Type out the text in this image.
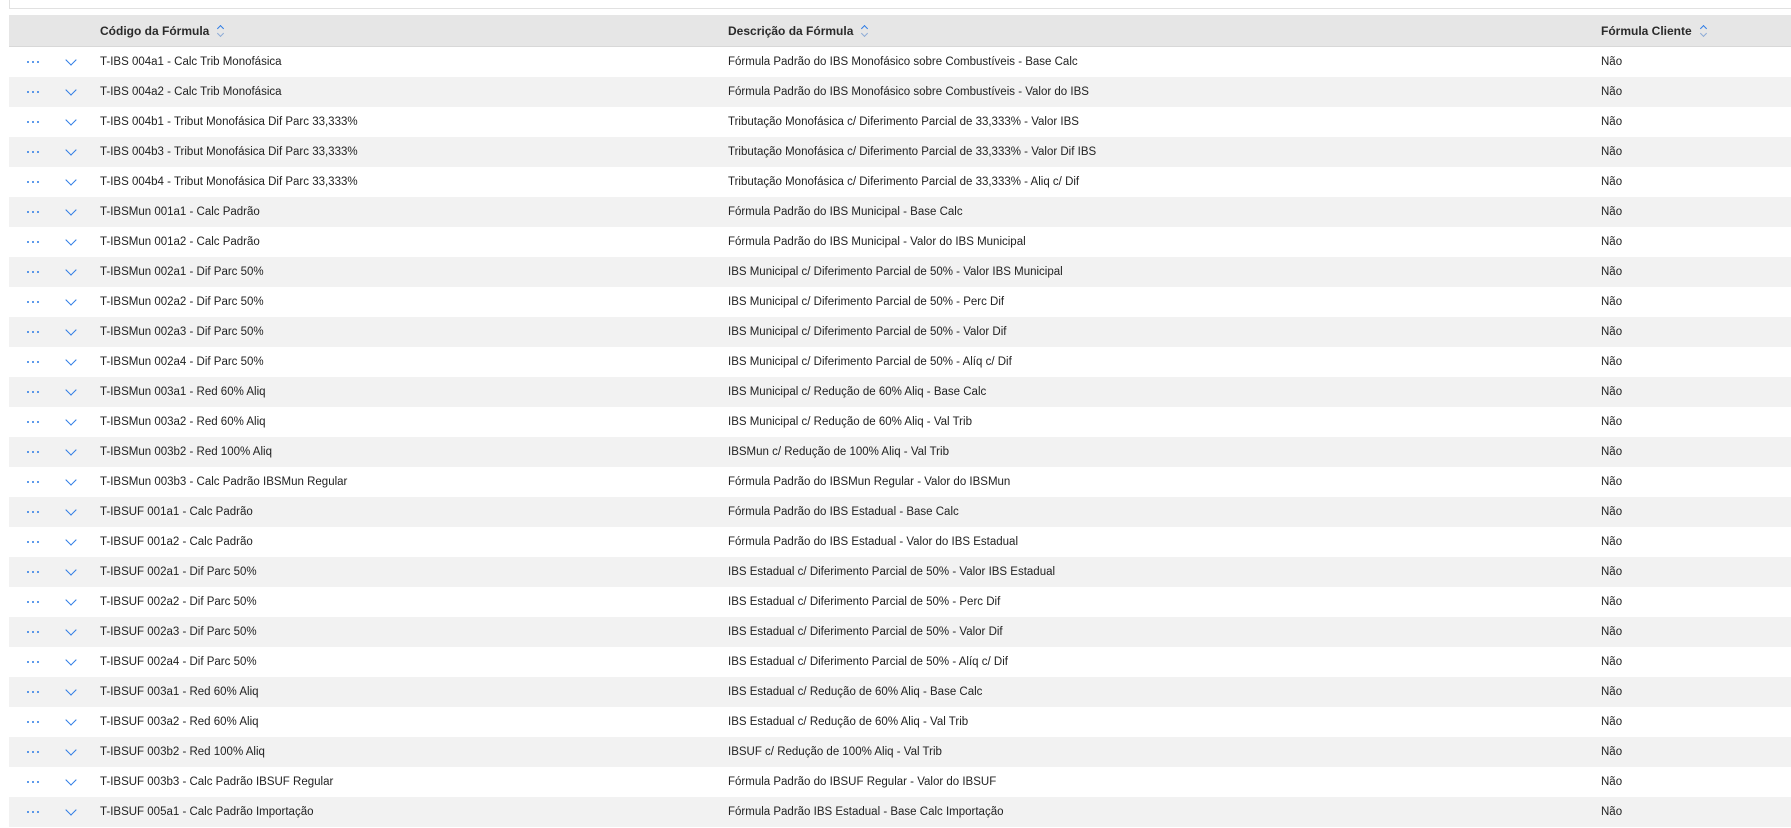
Código da Fórmula	Descrição da Fórmula	Fórmula Cliente
T-IBS 004a1 - Calc Trib Monofásica	Fórmula Padrão do IBS Monofásico sobre Combustíveis - Base Calc	Não
T-IBS 004a2 - Calc Trib Monofásica	Fórmula Padrão do IBS Monofásico sobre Combustíveis - Valor do IBS	Não
T-IBS 004b1 - Tribut Monofásica Dif Parc 33,333%	Tributação Monofásica c/ Diferimento Parcial de 33,333% - Valor IBS	Não
T-IBS 004b3 - Tribut Monofásica Dif Parc 33,333%	Tributação Monofásica c/ Diferimento Parcial de 33,333% - Valor Dif IBS	Não
T-IBS 004b4 - Tribut Monofásica Dif Parc 33,333%	Tributação Monofásica c/ Diferimento Parcial de 33,333% - Aliq c/ Dif	Não
T-IBSMun 001a1 - Calc Padrão	Fórmula Padrão do IBS Municipal - Base Calc	Não
T-IBSMun 001a2 - Calc Padrão	Fórmula Padrão do IBS Municipal - Valor do IBS Municipal	Não
T-IBSMun 002a1 - Dif Parc 50%	IBS Municipal c/ Diferimento Parcial de 50% - Valor IBS Municipal	Não
T-IBSMun 002a2 - Dif Parc 50%	IBS Municipal c/ Diferimento Parcial de 50% - Perc Dif	Não
T-IBSMun 002a3 - Dif Parc 50%	IBS Municipal c/ Diferimento Parcial de 50% - Valor Dif	Não
T-IBSMun 002a4 - Dif Parc 50%	IBS Municipal c/ Diferimento Parcial de 50% - Alíq c/ Dif	Não
T-IBSMun 003a1 - Red 60% Aliq	IBS Municipal c/ Redução de 60% Aliq - Base Calc	Não
T-IBSMun 003a2 - Red 60% Aliq	IBS Municipal c/ Redução de 60% Aliq - Val Trib	Não
T-IBSMun 003b2 - Red 100% Aliq	IBSMun c/ Redução de 100% Aliq - Val Trib	Não
T-IBSMun 003b3 - Calc Padrão IBSMun Regular	Fórmula Padrão do IBSMun Regular - Valor do IBSMun	Não
T-IBSUF 001a1 - Calc Padrão	Fórmula Padrão do IBS Estadual - Base Calc	Não
T-IBSUF 001a2 - Calc Padrão	Fórmula Padrão do IBS Estadual - Valor do IBS Estadual	Não
T-IBSUF 002a1 - Dif Parc 50%	IBS Estadual c/ Diferimento Parcial de 50% - Valor IBS Estadual	Não
T-IBSUF 002a2 - Dif Parc 50%	IBS Estadual c/ Diferimento Parcial de 50% - Perc Dif	Não
T-IBSUF 002a3 - Dif Parc 50%	IBS Estadual c/ Diferimento Parcial de 50% - Valor Dif	Não
T-IBSUF 002a4 - Dif Parc 50%	IBS Estadual c/ Diferimento Parcial de 50% - Alíq c/ Dif	Não
T-IBSUF 003a1 - Red 60% Aliq	IBS Estadual c/ Redução de 60% Aliq - Base Calc	Não
T-IBSUF 003a2 - Red 60% Aliq	IBS Estadual c/ Redução de 60% Aliq - Val Trib	Não
T-IBSUF 003b2 - Red 100% Aliq	IBSUF c/ Redução de 100% Aliq - Val Trib	Não
T-IBSUF 003b3 - Calc Padrão IBSUF Regular	Fórmula Padrão do IBSUF Regular - Valor do IBSUF	Não
T-IBSUF 005a1 - Calc Padrão Importação	Fórmula Padrão IBS Estadual - Base Calc Importação	Não
